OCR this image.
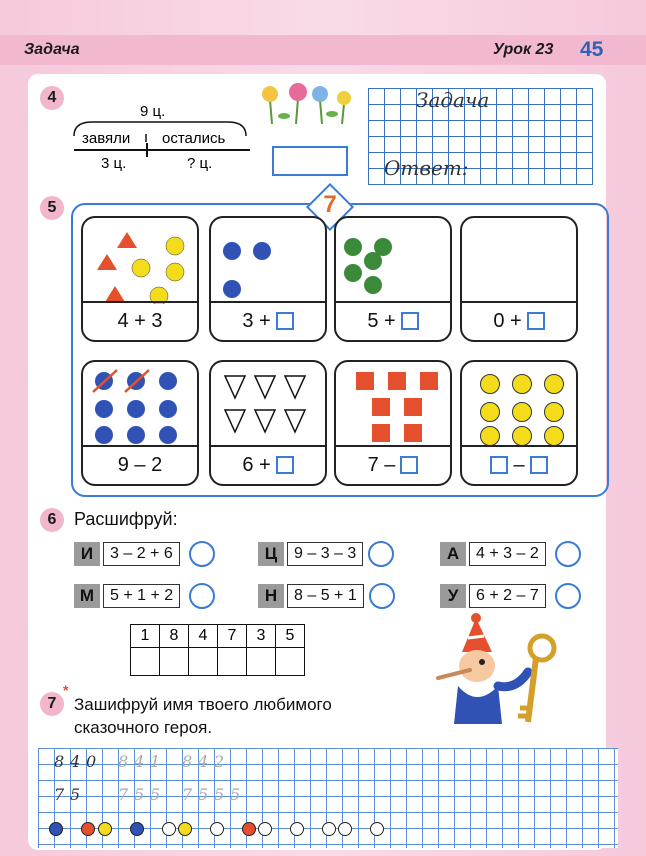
Задача	Урок 23 45
4
9 ц.
завяли остались
3 ц.	? ц.
Задача
Ответ:
5	7
4 + 3	3 +	5 +	0 +
9 – 2	6 +	7 –	–
6 Расшифруй:
И	3 – 2 + 6	Ц	9 – 3 – 3	А	4 + 3 – 2
М 5 + 1 + 2	Н	8 – 5 + 1	У	6 + 2 – 7
1	8	4	7	3	5

7
*
Зашифруй имя твоего любимого
сказочного героя.
8 4 0	8 4 1	8 4 2
7 5	7 5 5	7 5 5 5
